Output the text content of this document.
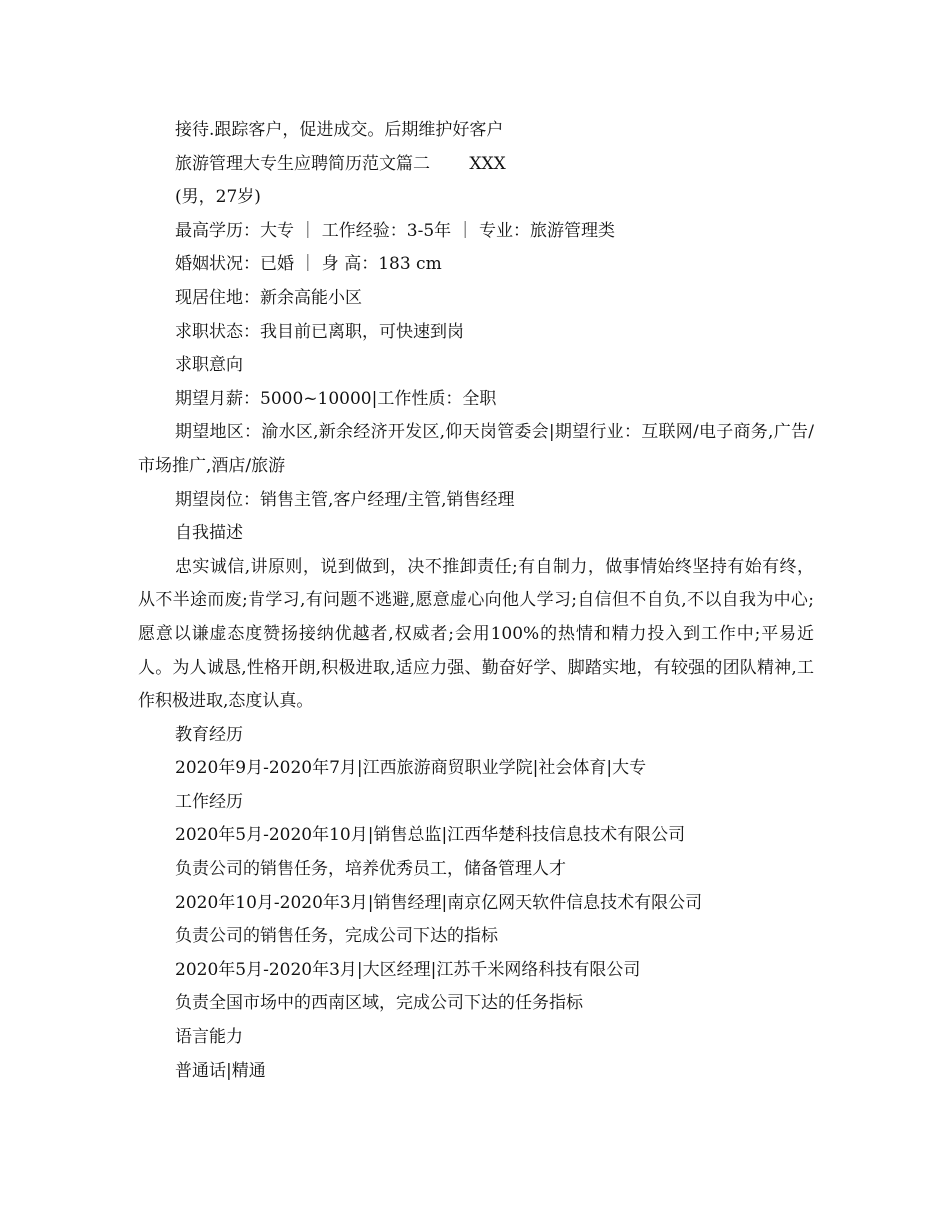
接待.跟踪客户，促进成交。后期维护好客户
旅游管理大专生应聘简历范文篇二　　 XXX
(男，27岁)
最高学历：大专 ｜ 工作经验：3-5年 ｜ 专业：旅游管理类
婚姻状况：已婚 ｜ 身 高：183 cm
现居住地：新余高能小区
求职状态：我目前已离职，可快速到岗
求职意向
期望月薪：5000~10000|工作性质：全职

期望地区：渝水区,新余经济开发区,仰天岗管委会|期望行业：互联网/电子商务,广告/市场推广,酒店/旅游

期望岗位：销售主管,客户经理/主管,销售经理
自我描述

忠实诚信,讲原则，说到做到，决不推卸责任;有自制力，做事情始终坚持有始有终，从不半途而废;肯学习,有问题不逃避,愿意虚心向他人学习;自信但不自负,不以自我为中心;愿意以谦虚态度赞扬接纳优越者,权威者;会用100%的热情和精力投入到工作中;平易近人。为人诚恳,性格开朗,积极进取,适应力强、勤奋好学、脚踏实地，有较强的团队精神,工作积极进取,态度认真。

教育经历
2020年9月-2020年7月|江西旅游商贸职业学院|社会体育|大专
工作经历
2020年5月-2020年10月|销售总监|江西华楚科技信息技术有限公司
负责公司的销售任务，培养优秀员工，储备管理人才
2020年10月-2020年3月|销售经理|南京亿网天软件信息技术有限公司
负责公司的销售任务，完成公司下达的指标
2020年5月-2020年3月|大区经理|江苏千米网络科技有限公司
负责全国市场中的西南区域，完成公司下达的任务指标
语言能力
普通话|精通
